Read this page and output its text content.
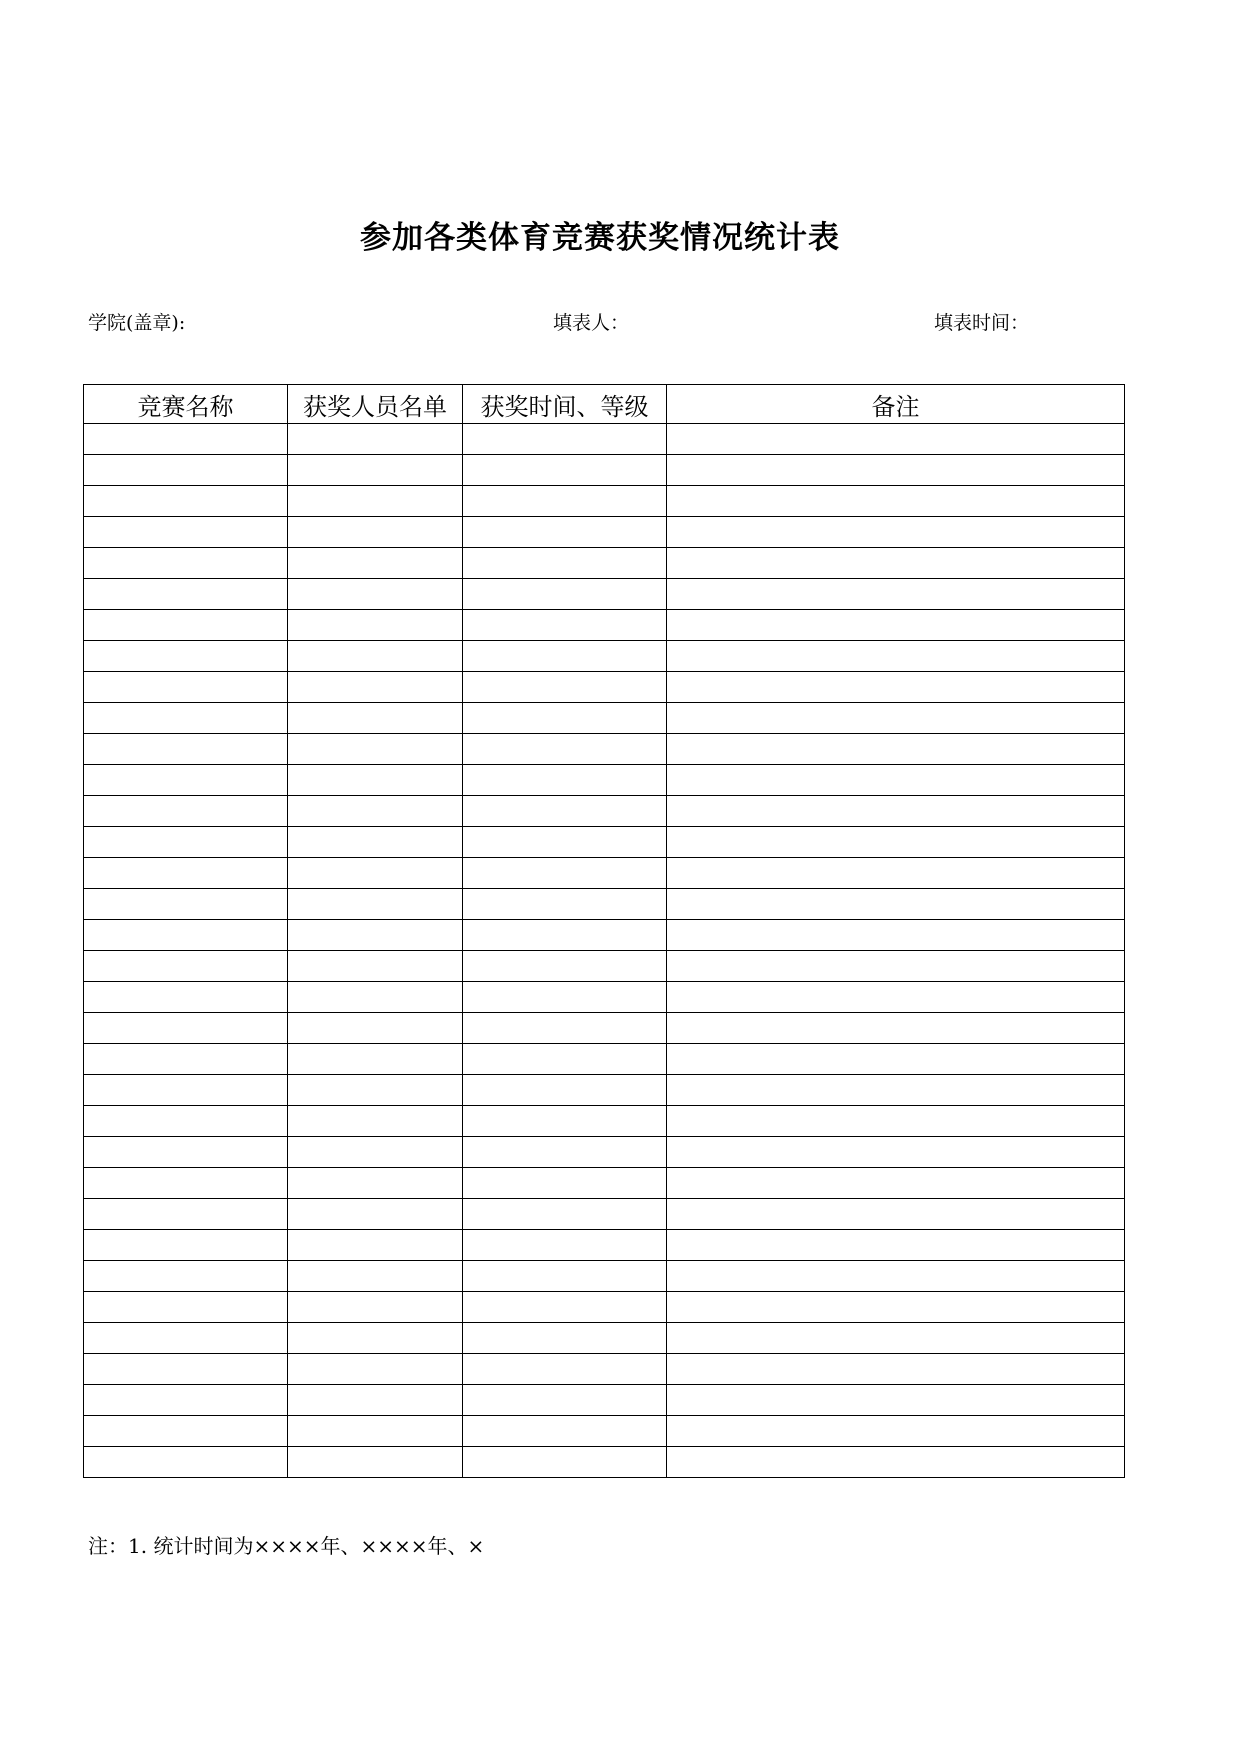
参加各类体育竞赛获奖情况统计表
学院(盖章):	填表人：	填表时间：
竞赛名称	获奖人员名单	获奖时间、等级	备注

注：1. 统计时间为××××年、××××年、×
